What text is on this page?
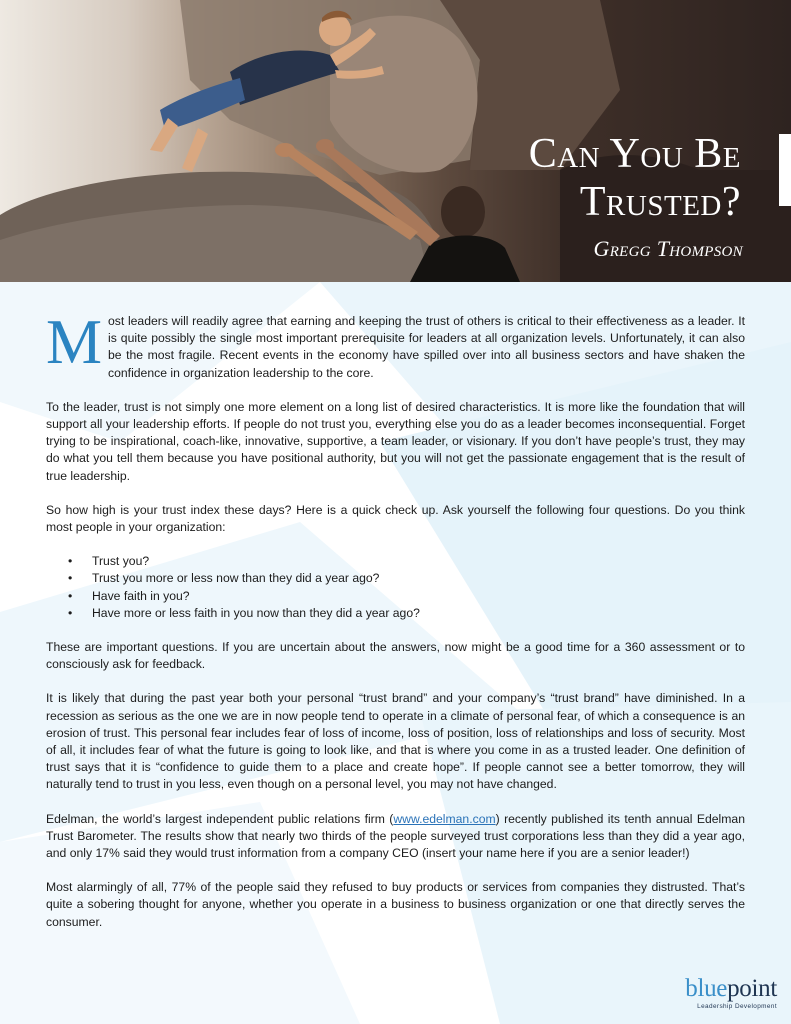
Can You Be
Trusted?
Gregg Thompson

Most leaders will readily agree that earning and keeping the trust of others is critical to their effectiveness as a leader. It is quite possibly the single most important prerequisite for leaders at all organization levels. Unfortunately, it can also be the most fragile. Recent events in the economy have spilled over into all business sectors and have shaken the confidence in organization leadership to the core.

To the leader, trust is not simply one more element on a long list of desired characteristics. It is more like the foundation that will support all your leadership efforts. If people do not trust you, everything else you do as a leader becomes inconsequential. Forget trying to be inspirational, coach-like, innovative, supportive, a team leader, or visionary. If you don’t have people’s trust, they may do what you tell them because you have positional authority, but you will not get the passionate engagement that is the result of true leadership.

So how high is your trust index these days? Here is a quick check up. Ask yourself the following four questions. Do you think most people in your organization:

• Trust you?
• Trust you more or less now than they did a year ago?
• Have faith in you?
• Have more or less faith in you now than they did a year ago?

These are important questions. If you are uncertain about the answers, now might be a good time for a 360 assessment or to consciously ask for feedback.

It is likely that during the past year both your personal “trust brand” and your company’s “trust brand” have diminished. In a recession as serious as the one we are in now people tend to operate in a climate of personal fear, of which a consequence is an erosion of trust. This personal fear includes fear of loss of income, loss of position, loss of relationships and loss of security. Most of all, it includes fear of what the future is going to look like, and that is where you come in as a trusted leader. One definition of trust says that it is “confidence to guide them to a place and create hope”. If people cannot see a better tomorrow, they will naturally tend to trust in you less, even though on a personal level, you may not have changed.

Edelman, the world’s largest independent public relations firm (www.edelman.com) recently published its tenth annual Edelman Trust Barometer. The results show that nearly two thirds of the people surveyed trust corporations less than they did a year ago, and only 17% said they would trust information from a company CEO (insert your name here if you are a senior leader!)

Most alarmingly of all, 77% of the people said they refused to buy products or services from companies they distrusted. That’s quite a sobering thought for anyone, whether you operate in a business to business organization or one that directly serves the consumer.

bluepoint
Leadership Development
